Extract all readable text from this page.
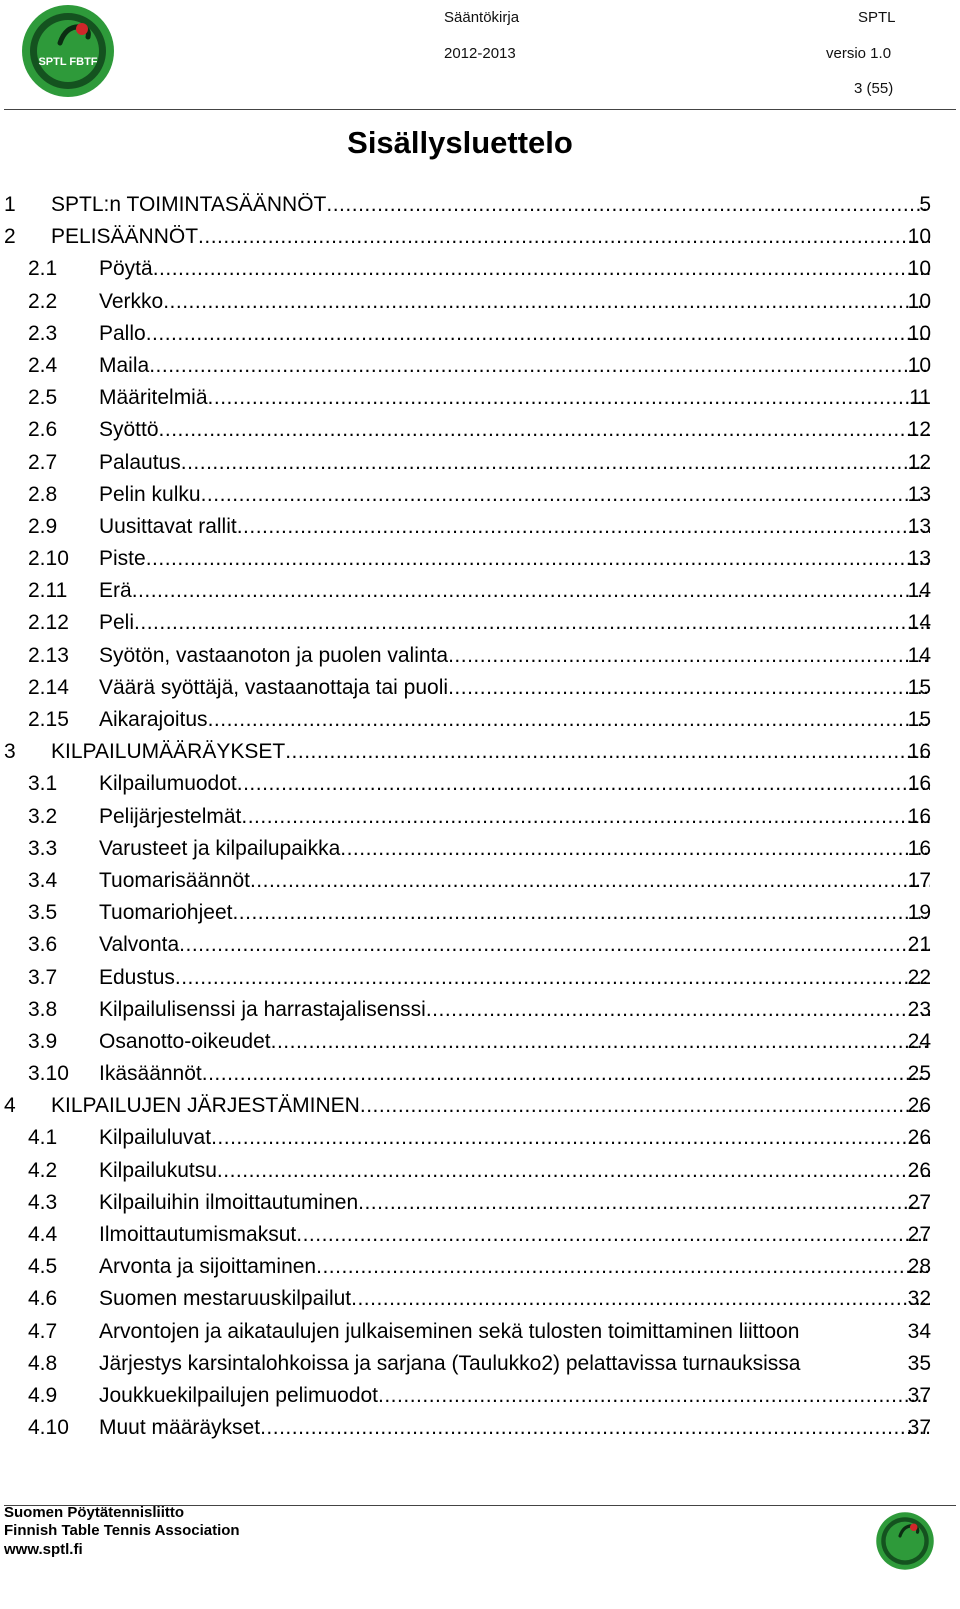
SPTL FBTF
Sääntökirja	SPTL
2012-2013	versio 1.0
3 (55)
Sisällysluettelo
1 SPTL:n TOIMINTASÄÄNNÖT .....	5
2 PELISÄÄNNÖT .....	10
2.1 Pöytä .....	10
2.2 Verkko .....	10
2.3 Pallo .....	10
2.4 Maila .....	10
2.5 Määritelmiä .....	11
2.6 Syöttö .....	12
2.7 Palautus .....	12
2.8 Pelin kulku .....	13
2.9 Uusittavat rallit .....	13
2.10 Piste .....	13
2.11 Erä .....	14
2.12 Peli .....	14
2.13 Syötön, vastaanoton ja puolen valinta .....	14
2.14 Väärä syöttäjä, vastaanottaja tai puoli .....	15
2.15 Aikarajoitus .....	15
3 KILPAILUMÄÄRÄYKSET .....	16
3.1 Kilpailumuodot .....	16
3.2 Pelijärjestelmät .....	16
3.3 Varusteet ja kilpailupaikka .....	16
3.4 Tuomarisäännöt .....	17
3.5 Tuomariohjeet .....	19
3.6 Valvonta .....	21
3.7 Edustus .....	22
3.8 Kilpailulisenssi ja harrastajalisenssi .....	23
3.9 Osanotto-oikeudet .....	24
3.10 Ikäsäännöt .....	25
4 KILPAILUJEN JÄRJESTÄMINEN .....	26
4.1 Kilpailuluvat .....	26
4.2 Kilpailukutsu .....	26
4.3 Kilpailuihin ilmoittautuminen .....	27
4.4 Ilmoittautumismaksut .....	27
4.5 Arvonta ja sijoittaminen .....	28
4.6 Suomen mestaruuskilpailut .....	32
4.7 Arvontojen ja aikataulujen julkaiseminen sekä tulosten toimittaminen liittoon	34
4.8 Järjestys karsintalohkoissa ja sarjana (Taulukko2) pelattavissa turnauksissa	35
4.9 Joukkuekilpailujen pelimuodot .....	37
4.10 Muut määräykset .....	37
Suomen Pöytätennisliitto
Finnish Table Tennis Association
www.sptl.fi
